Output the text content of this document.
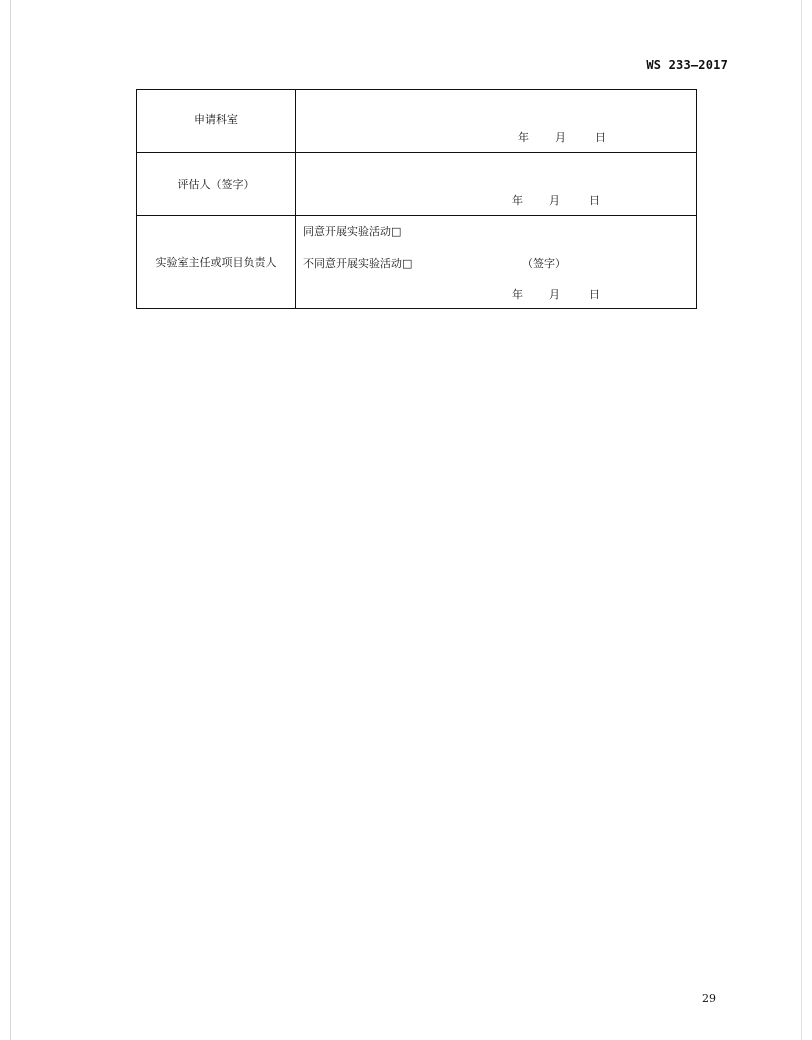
WS 233—2017
申请科室	年 月 日

评估人（签字）	年 月 日

实验室主任或项目负责人	同意开展实验活动□
不同意开展实验活动□ （签字）
年 月 日
29
